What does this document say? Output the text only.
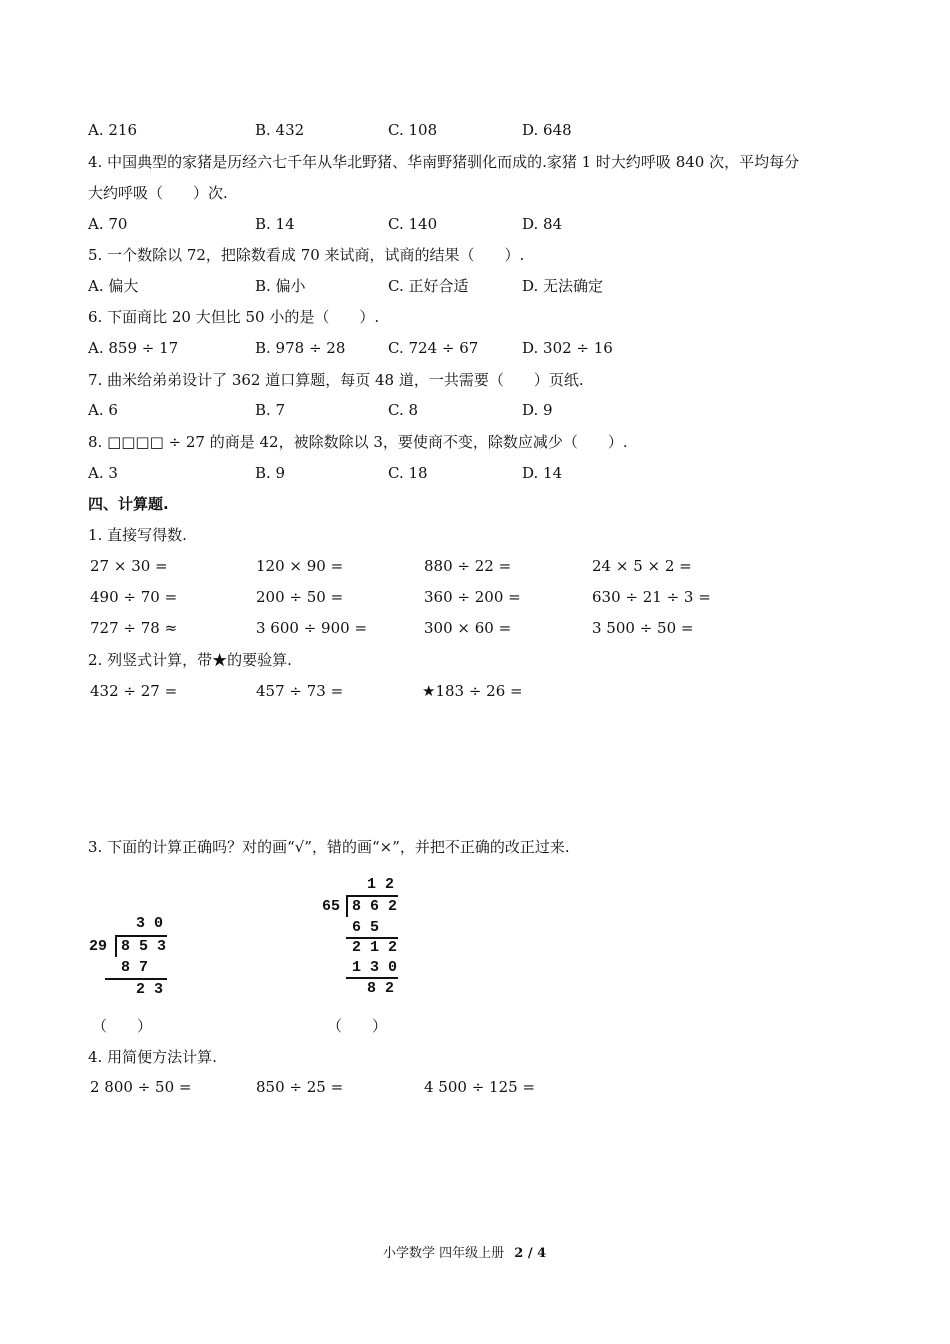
A. 216	B. 432	C. 108	D. 648
4. 中国典型的家猪是历经六七千年从华北野猪、华南野猪驯化而成的.家猪 1 时大约呼吸 840 次，平均每分
大约呼吸（　　）次.
A. 70	B. 14	C. 140	D. 84
5. 一个数除以 72，把除数看成 70 来试商，试商的结果（　　）.
A. 偏大	B. 偏小	C. 正好合适	D. 无法确定
6. 下面商比 20 大但比 50 小的是（　　）.
A. 859 ÷ 17	B. 978 ÷ 28	C. 724 ÷ 67	D. 302 ÷ 16
7. 曲米给弟弟设计了 362 道口算题，每页 48 道，一共需要（　　）页纸.
A. 6	B. 7	C. 8	D. 9
8. □□□□ ÷ 27 的商是 42，被除数除以 3，要使商不变，除数应减少（　　）.
A. 3	B. 9	C. 18	D. 14
四、计算题.
1. 直接写得数.
27 × 30 =	120 × 90 =	880 ÷ 22 =	24 × 5 × 2 =
490 ÷ 70 =	200 ÷ 50 =	360 ÷ 200 =	630 ÷ 21 ÷ 3 =
727 ÷ 78 ≈	3 600 ÷ 900 =	300 × 60 =	3 500 ÷ 50 =
2. 列竖式计算，带★的要验算.
432 ÷ 27 =	457 ÷ 73 =	★183 ÷ 26 =
3. 下面的计算正确吗？对的画“√”，错的画“×”，并把不正确的改正过来.
3 0
29 8 5 3
8 7
2 3
1 2
65 8 6 2
6 5
2 1 2
1 3 0
8 2
（　　）	（　　）
4. 用简便方法计算.
2 800 ÷ 50 =	850 ÷ 25 =	4 500 ÷ 125 =
小学数学 四年级上册 2 / 4
